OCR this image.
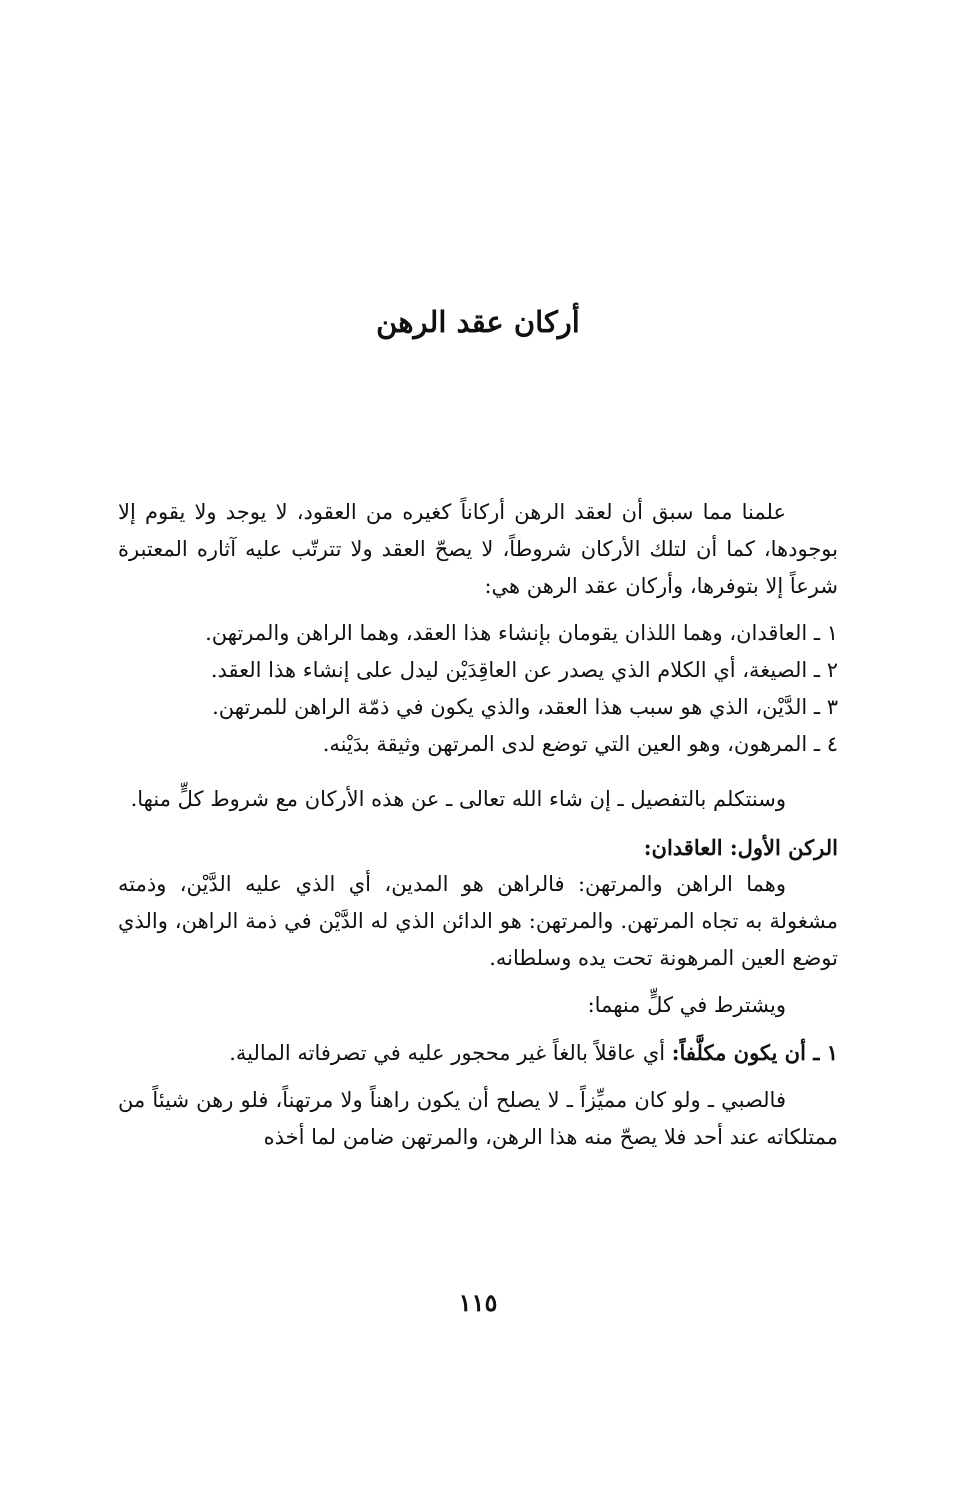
أركان عقد الرهن

علمنا مما سبق أن لعقد الرهن أركاناً كغيره من العقود، لا يوجد ولا يقوم إلا بوجودها، كما أن لتلك الأركان شروطاً، لا يصحّ العقد ولا تترتّب عليه آثاره المعتبرة شرعاً إلا بتوفرها، وأركان عقد الرهن هي:

١ ـ العاقدان، وهما اللذان يقومان بإنشاء هذا العقد، وهما الراهن والمرتهن.

٢ ـ الصيغة، أي الكلام الذي يصدر عن العاقِدَيْن ليدل على إنشاء هذا العقد.

٣ ـ الدَّيْن، الذي هو سبب هذا العقد، والذي يكون في ذمّة الراهن للمرتهن.

٤ ـ المرهون، وهو العين التي توضع لدى المرتهن وثيقة بدَيْنه.

وسنتكلم بالتفصيل ـ إن شاء الله تعالى ـ عن هذه الأركان مع شروط كلٍّ منها.

الركن الأول: العاقدان:

وهما الراهن والمرتهن: فالراهن هو المدين، أي الذي عليه الدَّيْن، وذمته مشغولة به تجاه المرتهن. والمرتهن: هو الدائن الذي له الدَّيْن في ذمة الراهن، والذي توضع العين المرهونة تحت يده وسلطانه.

ويشترط في كلٍّ منهما:

١ ـ أن يكون مكلَّفاً: أي عاقلاً بالغاً غير محجور عليه في تصرفاته المالية.

فالصبي ـ ولو كان مميِّزاً ـ لا يصلح أن يكون راهناً ولا مرتهناً، فلو رهن شيئاً من ممتلكاته عند أحد فلا يصحّ منه هذا الرهن، والمرتهن ضامن لما أخذه

١١٥
